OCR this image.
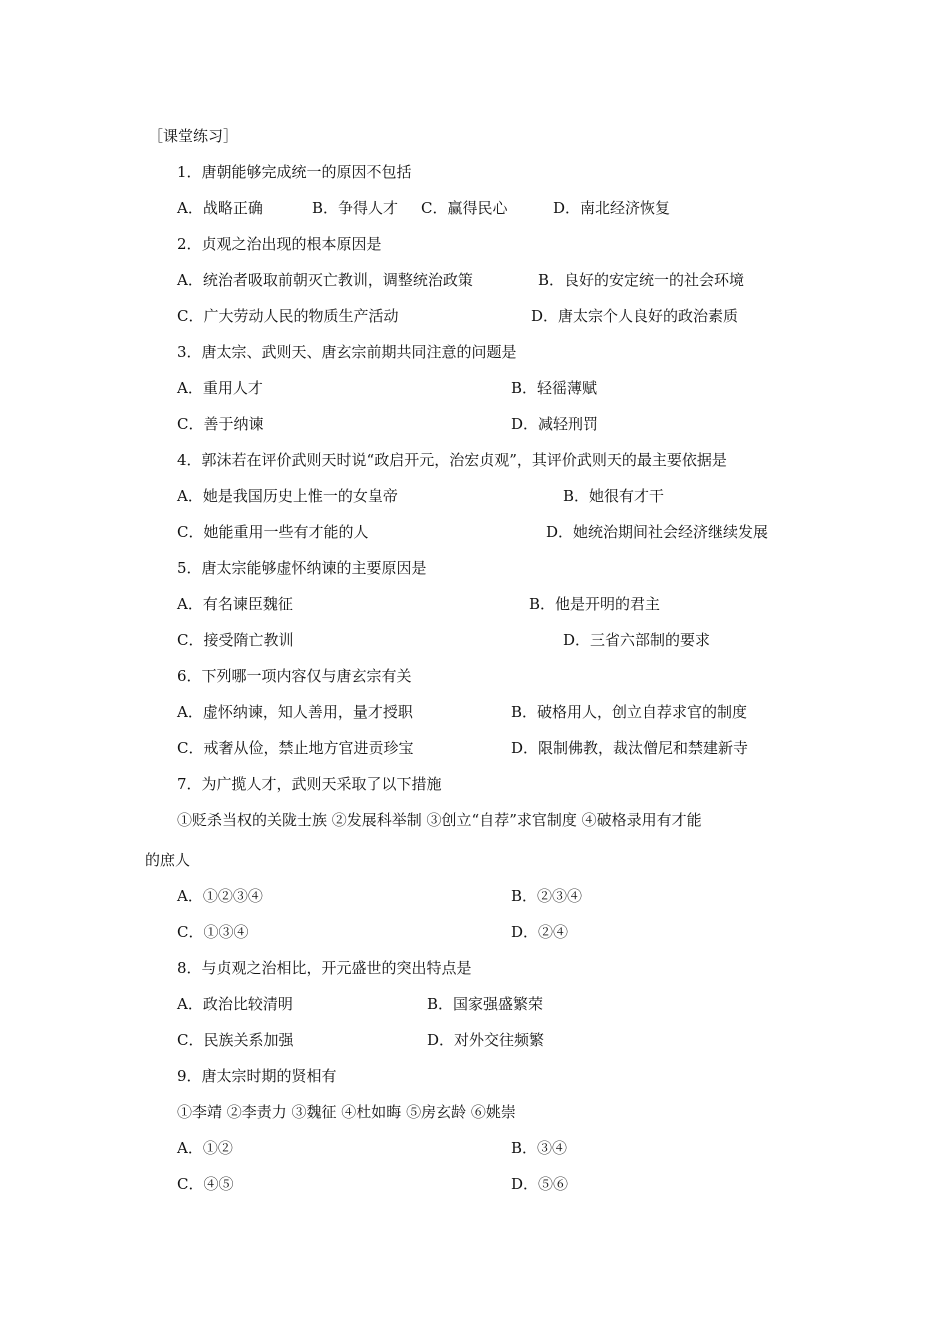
［课堂练习］
1．唐朝能够完成统一的原因不包括
A．战略正确	B．争得人才 C．赢得民心	D．南北经济恢复
2．贞观之治出现的根本原因是
A．统治者吸取前朝灭亡教训，调整统治政策	B．良好的安定统一的社会环境
C．广大劳动人民的物质生产活动	D．唐太宗个人良好的政治素质
3．唐太宗、武则天、唐玄宗前期共同注意的问题是
A．重用人才	B．轻徭薄赋
C．善于纳谏	D．减轻刑罚
4．郭沫若在评价武则天时说“政启开元，治宏贞观”，其评价武则天的最主要依据是
A．她是我国历史上惟一的女皇帝	B．她很有才干
C．她能重用一些有才能的人	D．她统治期间社会经济继续发展
5．唐太宗能够虚怀纳谏的主要原因是
A．有名谏臣魏征	B．他是开明的君主
C．接受隋亡教训	D．三省六部制的要求
6．下列哪一项内容仅与唐玄宗有关
A．虚怀纳谏，知人善用，量才授职	B．破格用人，创立自荐求官的制度
C．戒奢从俭，禁止地方官进贡珍宝	D．限制佛教，裁汰僧尼和禁建新寺
7．为广揽人才，武则天采取了以下措施
①贬杀当权的关陇士族 ②发展科举制 ③创立“自荐”求官制度 ④破格录用有才能
的庶人
A．①②③④	B．②③④
C．①③④	D．②④
8．与贞观之治相比，开元盛世的突出特点是
A．政治比较清明	B．国家强盛繁荣
C．民族关系加强	D．对外交往频繁
9．唐太宗时期的贤相有
①李靖 ②李责力 ③魏征 ④杜如晦 ⑤房玄龄 ⑥姚崇
A．①②	B．③④
C．④⑤	D．⑤⑥
